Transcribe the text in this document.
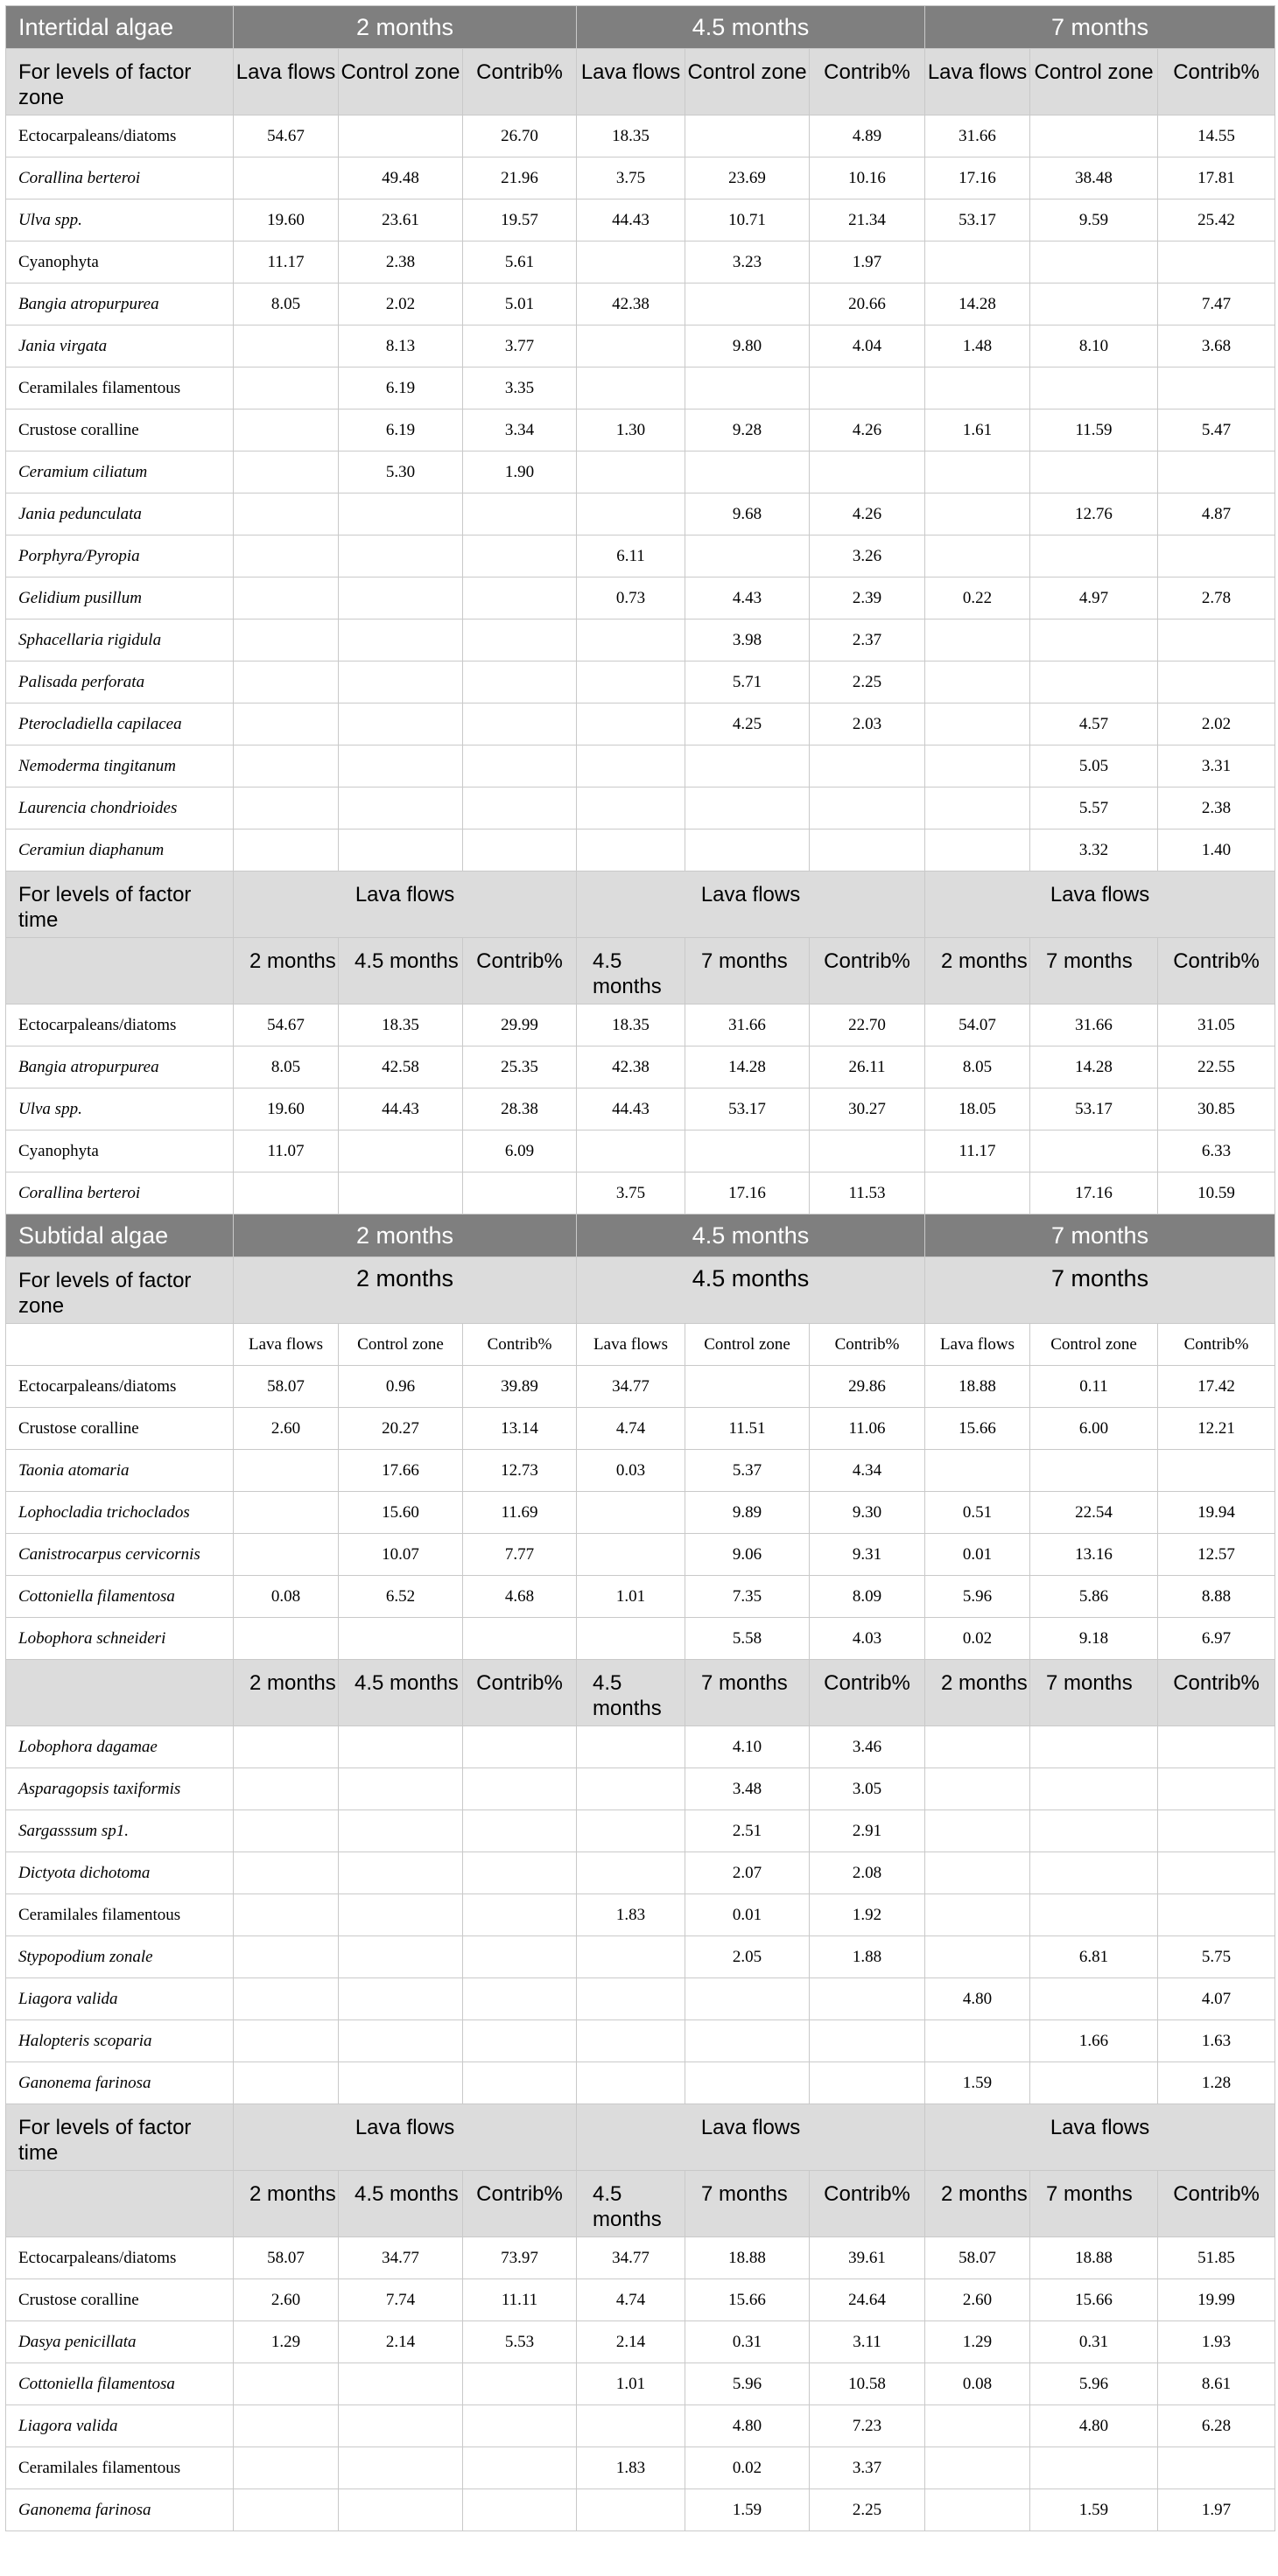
Intertidal algae	2 months			4.5 months			7 months		
For levels of factor zone	Lava flows	Control zone	Contrib%	Lava flows	Control zone	Contrib%	Lava flows	Control zone	Contrib%
Ectocarpaleans/diatoms	54.67		26.70	18.35		4.89	31.66		14.55
Corallina berteroi		49.48	21.96	3.75	23.69	10.16	17.16	38.48	17.81
Ulva spp.	19.60	23.61	19.57	44.43	10.71	21.34	53.17	9.59	25.42
Cyanophyta	11.17	2.38	5.61		3.23	1.97			
Bangia atropurpurea	8.05	2.02	5.01	42.38		20.66	14.28		7.47
Jania virgata		8.13	3.77		9.80	4.04	1.48	8.10	3.68
Ceramilales filamentous		6.19	3.35						
Crustose coralline		6.19	3.34	1.30	9.28	4.26	1.61	11.59	5.47
Ceramium ciliatum		5.30	1.90						
Jania pedunculata					9.68	4.26		12.76	4.87
Porphyra/Pyropia				6.11		3.26			
Gelidium pusillum				0.73	4.43	2.39	0.22	4.97	2.78
Sphacellaria rigidula					3.98	2.37			
Palisada perforata					5.71	2.25			
Pterocladiella capilacea					4.25	2.03		4.57	2.02
Nemoderma tingitanum								5.05	3.31
Laurencia chondrioides								5.57	2.38
Ceramiun diaphanum								3.32	1.40
For levels of factor time	Lava flows			Lava flows			Lava flows		
	2 months	4.5 months	Contrib%	4.5 months	7 months	Contrib%	2 months	7 months	Contrib%
Ectocarpaleans/diatoms	54.67	18.35	29.99	18.35	31.66	22.70	54.07	31.66	31.05
Bangia atropurpurea	8.05	42.58	25.35	42.38	14.28	26.11	8.05	14.28	22.55
Ulva spp.	19.60	44.43	28.38	44.43	53.17	30.27	18.05	53.17	30.85
Cyanophyta	11.07		6.09				11.17		6.33
Corallina berteroi				3.75	17.16	11.53		17.16	10.59
Subtidal algae	2 months			4.5 months			7 months		
For levels of factor zone	2 months			4.5 months			7 months		
	Lava flows	Control zone	Contrib%	Lava flows	Control zone	Contrib%	Lava flows	Control zone	Contrib%
Ectocarpaleans/diatoms	58.07	0.96	39.89	34.77		29.86	18.88	0.11	17.42
Crustose coralline	2.60	20.27	13.14	4.74	11.51	11.06	15.66	6.00	12.21
Taonia atomaria		17.66	12.73	0.03	5.37	4.34			
Lophocladia trichoclados		15.60	11.69		9.89	9.30	0.51	22.54	19.94
Canistrocarpus cervicornis		10.07	7.77		9.06	9.31	0.01	13.16	12.57
Cottoniella filamentosa	0.08	6.52	4.68	1.01	7.35	8.09	5.96	5.86	8.88
Lobophora schneideri					5.58	4.03	0.02	9.18	6.97
	2 months	4.5 months	Contrib%	4.5 months	7 months	Contrib%	2 months	7 months	Contrib%
Lobophora dagamae					4.10	3.46			
Asparagopsis taxiformis					3.48	3.05			
Sargasssum sp1.					2.51	2.91			
Dictyota dichotoma					2.07	2.08			
Ceramilales filamentous				1.83	0.01	1.92			
Stypopodium zonale					2.05	1.88		6.81	5.75
Liagora valida							4.80		4.07
Halopteris scoparia								1.66	1.63
Ganonema farinosa							1.59		1.28
For levels of factor time	Lava flows			Lava flows			Lava flows		
	2 months	4.5 months	Contrib%	4.5 months	7 months	Contrib%	2 months	7 months	Contrib%
Ectocarpaleans/diatoms	58.07	34.77	73.97	34.77	18.88	39.61	58.07	18.88	51.85
Crustose coralline	2.60	7.74	11.11	4.74	15.66	24.64	2.60	15.66	19.99
Dasya penicillata	1.29	2.14	5.53	2.14	0.31	3.11	1.29	0.31	1.93
Cottoniella filamentosa				1.01	5.96	10.58	0.08	5.96	8.61
Liagora valida					4.80	7.23		4.80	6.28
Ceramilales filamentous				1.83	0.02	3.37			
Ganonema farinosa					1.59	2.25		1.59	1.97
